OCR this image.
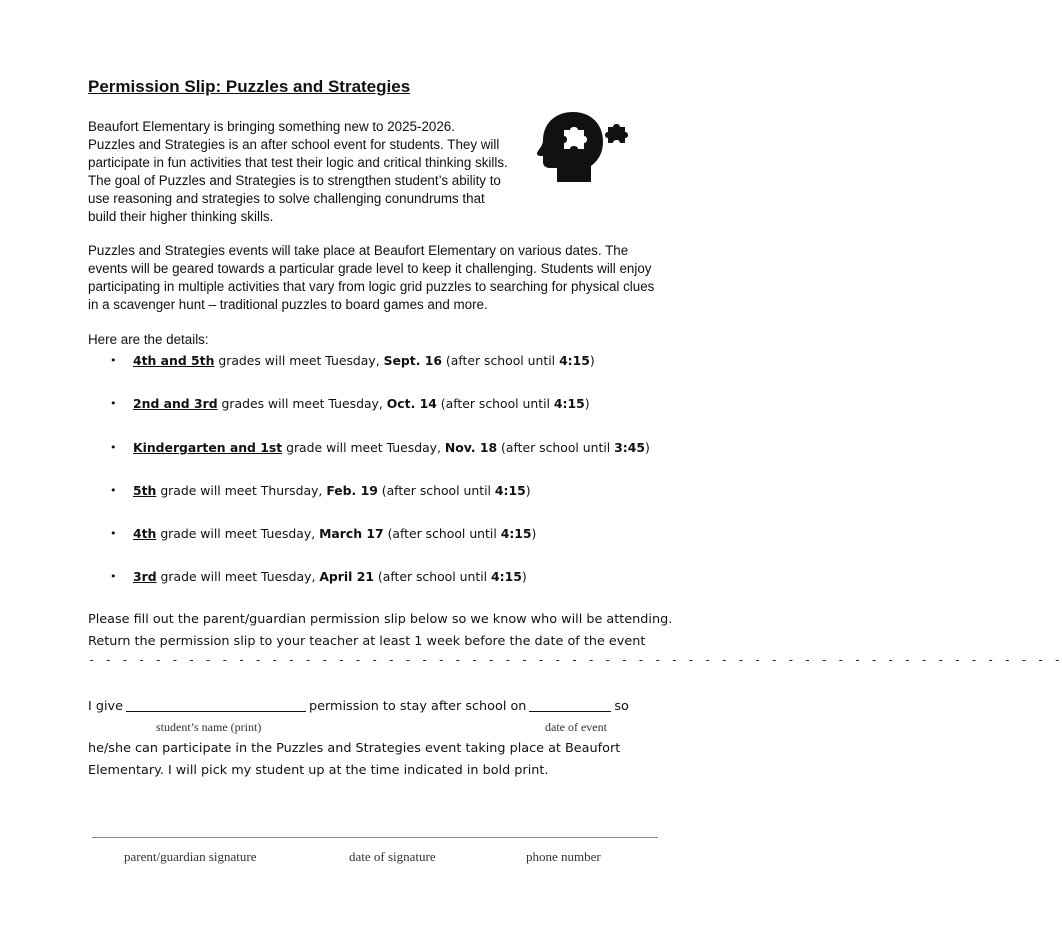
Permission Slip: Puzzles and Strategies
Beaufort Elementary is bringing something new to 2025-2026.
Puzzles and Strategies is an after school event for students. They will
participate in fun activities that test their logic and critical thinking skills.
The goal of Puzzles and Strategies is to strengthen student’s ability to
use reasoning and strategies to solve challenging conundrums that
build their higher thinking skills.
Puzzles and Strategies events will take place at Beaufort Elementary on various dates. The
events will be geared towards a particular grade level to keep it challenging. Students will enjoy
participating in multiple activities that vary from logic grid puzzles to searching for physical clues
in a scavenger hunt – traditional puzzles to board games and more.
Here are the details:
• 4th and 5th grades will meet Tuesday, Sept. 16 (after school until 4:15)
• 2nd and 3rd grades will meet Tuesday, Oct. 14 (after school until 4:15)
• Kindergarten and 1st grade will meet Tuesday, Nov. 18 (after school until 3:45)
• 5th grade will meet Thursday, Feb. 19 (after school until 4:15)
• 4th grade will meet Tuesday, March 17 (after school until 4:15)
• 3rd grade will meet Tuesday, April 21 (after school until 4:15)
Please fill out the parent/guardian permission slip below so we know who will be attending.
Return the permission slip to your teacher at least 1 week before the date of the event
- - - - - - - - - - - - - - - - - - - - - - - - - - - - - - - - - - - - - - - - - - - - - - - - - - - - - - - - - - -
I give	permission to stay after school on	so
student’s name (print)	date of event
he/she can participate in the Puzzles and Strategies event taking place at Beaufort
Elementary. I will pick my student up at the time indicated in bold print.
parent/guardian signature	date of signature	phone number
